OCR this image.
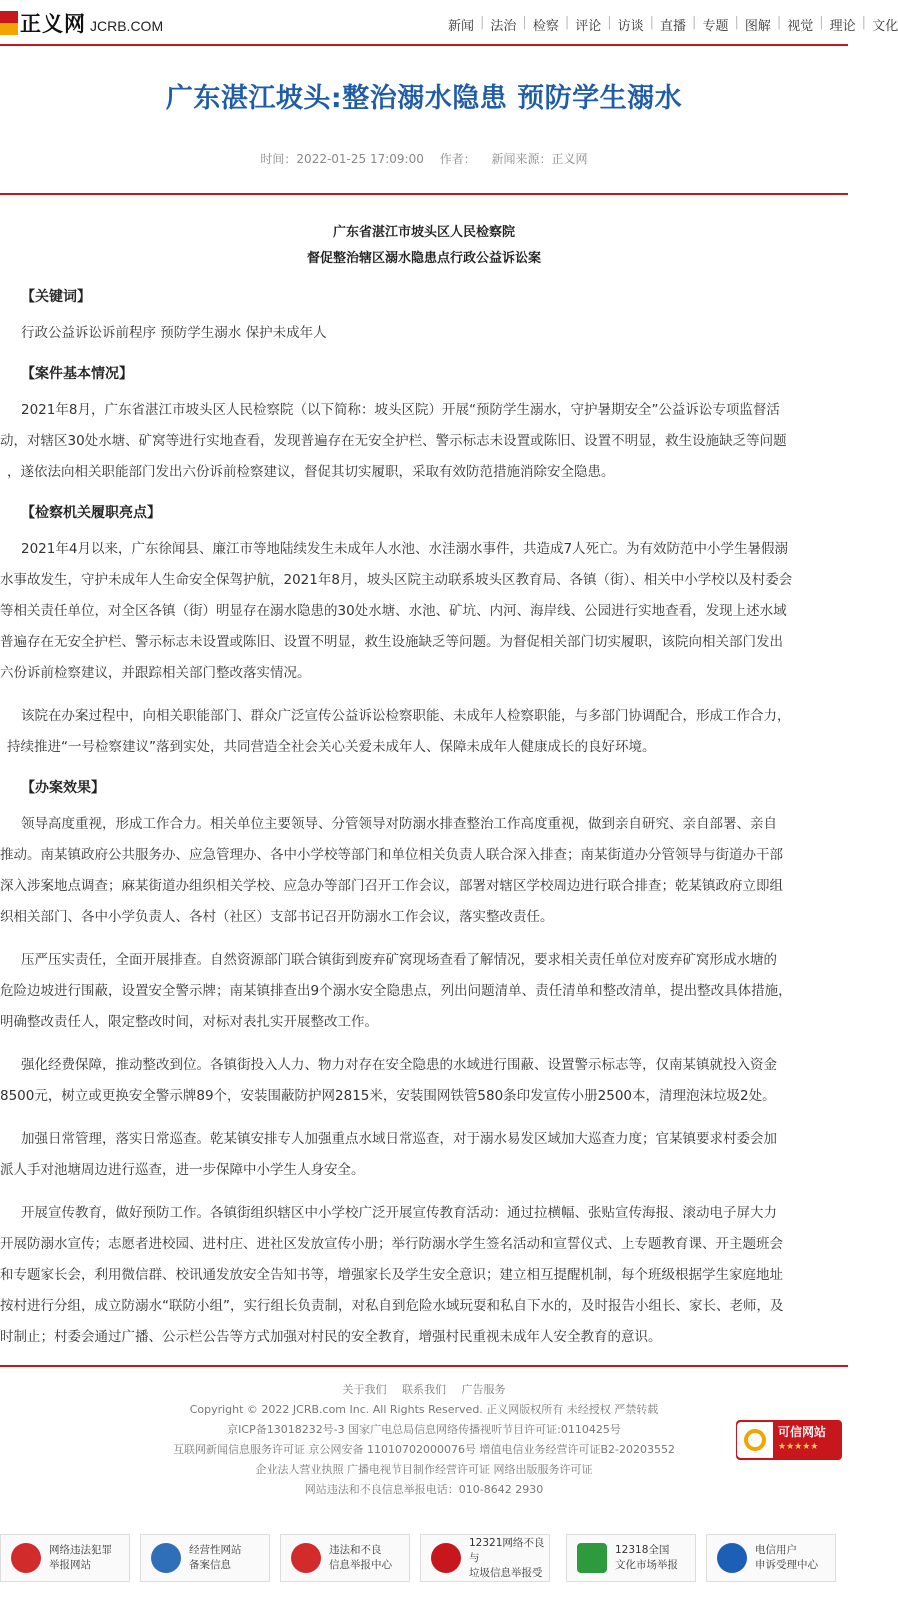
正义网 JCRB.COM	新闻 | 法治 | 检察 | 评论 | 访谈 | 直播 | 专题 | 图解 | 视觉 | 理论 | 文化
广东湛江坡头:整治溺水隐患 预防学生溺水
时间：2022-01-25 17:09:00 作者： 新闻来源：正义网
广东省湛江市坡头区人民检察院
督促整治辖区溺水隐患点行政公益诉讼案
【关键词】
行政公益诉讼诉前程序 预防学生溺水 保护未成年人
【案件基本情况】
2021年8月，广东省湛江市坡头区人民检察院（以下简称：坡头区院）开展“预防学生溺水，守护暑期安全”公益诉讼专项监督活
动，对辖区30处水塘、矿窝等进行实地查看，发现普遍存在无安全护栏、警示标志未设置或陈旧、设置不明显，救生设施缺乏等问题
，遂依法向相关职能部门发出六份诉前检察建议，督促其切实履职，采取有效防范措施消除安全隐患。
【检察机关履职亮点】
2021年4月以来，广东徐闻县、廉江市等地陆续发生未成年人水池、水洼溺水事件，共造成7人死亡。为有效防范中小学生暑假溺
水事故发生，守护未成年人生命安全保驾护航，2021年8月，坡头区院主动联系坡头区教育局、各镇（街）、相关中小学校以及村委会
等相关责任单位，对全区各镇（街）明显存在溺水隐患的30处水塘、水池、矿坑、内河、海岸线、公园进行实地查看，发现上述水域
普遍存在无安全护栏、警示标志未设置或陈旧、设置不明显，救生设施缺乏等问题。为督促相关部门切实履职，该院向相关部门发出
六份诉前检察建议，并跟踪相关部门整改落实情况。
该院在办案过程中，向相关职能部门、群众广泛宣传公益诉讼检察职能、未成年人检察职能，与多部门协调配合，形成工作合力，
持续推进“一号检察建议”落到实处，共同营造全社会关心关爱未成年人、保障未成年人健康成长的良好环境。
【办案效果】
领导高度重视，形成工作合力。相关单位主要领导、分管领导对防溺水排查整治工作高度重视，做到亲自研究、亲自部署、亲自
推动。南某镇政府公共服务办、应急管理办、各中小学校等部门和单位相关负责人联合深入排查；南某街道办分管领导与街道办干部
深入涉案地点调查；麻某街道办组织相关学校、应急办等部门召开工作会议，部署对辖区学校周边进行联合排查；乾某镇政府立即组
织相关部门、各中小学负责人、各村（社区）支部书记召开防溺水工作会议，落实整改责任。
压严压实责任，全面开展排查。自然资源部门联合镇街到废弃矿窝现场查看了解情况，要求相关责任单位对废弃矿窝形成水塘的
危险边坡进行围蔽，设置安全警示牌；南某镇排查出9个溺水安全隐患点，列出问题清单、责任清单和整改清单，提出整改具体措施，
明确整改责任人，限定整改时间，对标对表扎实开展整改工作。
强化经费保障，推动整改到位。各镇街投入人力、物力对存在安全隐患的水域进行围蔽、设置警示标志等，仅南某镇就投入资金
8500元，树立或更换安全警示牌89个，安装围蔽防护网2815米，安装围网铁管580条印发宣传小册2500本，清理泡沫垃圾2处。
加强日常管理，落实日常巡查。乾某镇安排专人加强重点水域日常巡查，对于溺水易发区域加大巡查力度；官某镇要求村委会加
派人手对池塘周边进行巡查，进一步保障中小学生人身安全。
开展宣传教育，做好预防工作。各镇街组织辖区中小学校广泛开展宣传教育活动：通过拉横幅、张贴宣传海报、滚动电子屏大力
开展防溺水宣传；志愿者进校园、进村庄、进社区发放宣传小册；举行防溺水学生签名活动和宣誓仪式、上专题教育课、开主题班会
和专题家长会，利用微信群、校讯通发放安全告知书等，增强家长及学生安全意识；建立相互提醒机制，每个班级根据学生家庭地址
按村进行分组，成立防溺水“联防小组”，实行组长负责制，对私自到危险水域玩耍和私自下水的，及时报告小组长、家长、老师，及
时制止；村委会通过广播、公示栏公告等方式加强对村民的安全教育，增强村民重视未成年人安全教育的意识。
关于我们 联系我们 广告服务
Copyright © 2022 JCRB.com Inc. All Rights Reserved. 正义网版权所有 未经授权 严禁转载
京ICP备13018232号-3 国家广电总局信息网络传播视听节目许可证:0110425号
互联网新闻信息服务许可证 京公网安备 11010702000076号 增值电信业务经营许可证B2-20203552
企业法人营业执照 广播电视节目制作经营许可证 网络出版服务许可证
网站违法和不良信息举报电话：010-8642 2930
可信网站
★★★★★
网络违法犯罪
举报网站
经营性网站
备案信息
违法和不良
信息举报中心
12321网络不良与
垃圾信息举报受
12318全国
文化市场举报
电信用户
申诉受理中心
